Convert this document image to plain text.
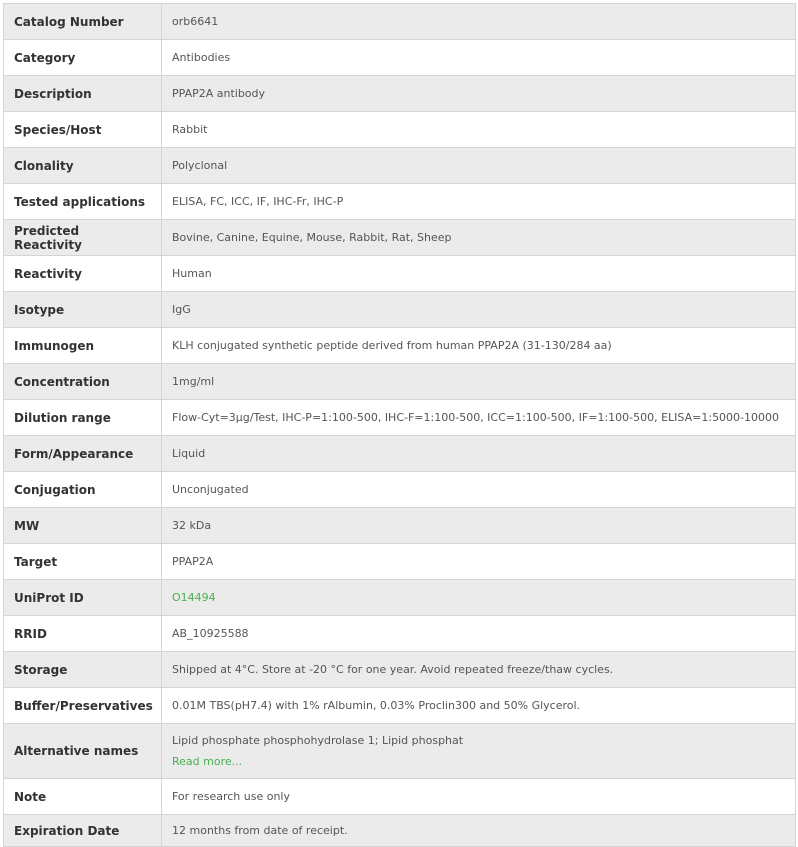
Catalog Number	orb6641
Category	Antibodies
Description	PPAP2A antibody
Species/Host	Rabbit
Clonality	Polyclonal
Tested applications	ELISA, FC, ICC, IF, IHC-Fr, IHC-P
Predicted Reactivity	Bovine, Canine, Equine, Mouse, Rabbit, Rat, Sheep
Reactivity	Human
Isotype	IgG
Immunogen	KLH conjugated synthetic peptide derived from human PPAP2A (31-130/284 aa)
Concentration	1mg/ml
Dilution range	Flow-Cyt=3μg/Test, IHC-P=1:100-500, IHC-F=1:100-500, ICC=1:100-500, IF=1:100-500, ELISA=1:5000-10000
Form/Appearance	Liquid
Conjugation	Unconjugated
MW	32 kDa
Target	PPAP2A
UniProt ID	O14494
RRID	AB_10925588
Storage	Shipped at 4°C. Store at -20 °C for one year. Avoid repeated freeze/thaw cycles.
Buffer/Preservatives	0.01M TBS(pH7.4) with 1% rAlbumin, 0.03% Proclin300 and 50% Glycerol.
Alternative names	Lipid phosphate phosphohydrolase 1; Lipid phosphat
Read more...

Note	For research use only
Expiration Date	12 months from date of receipt.
